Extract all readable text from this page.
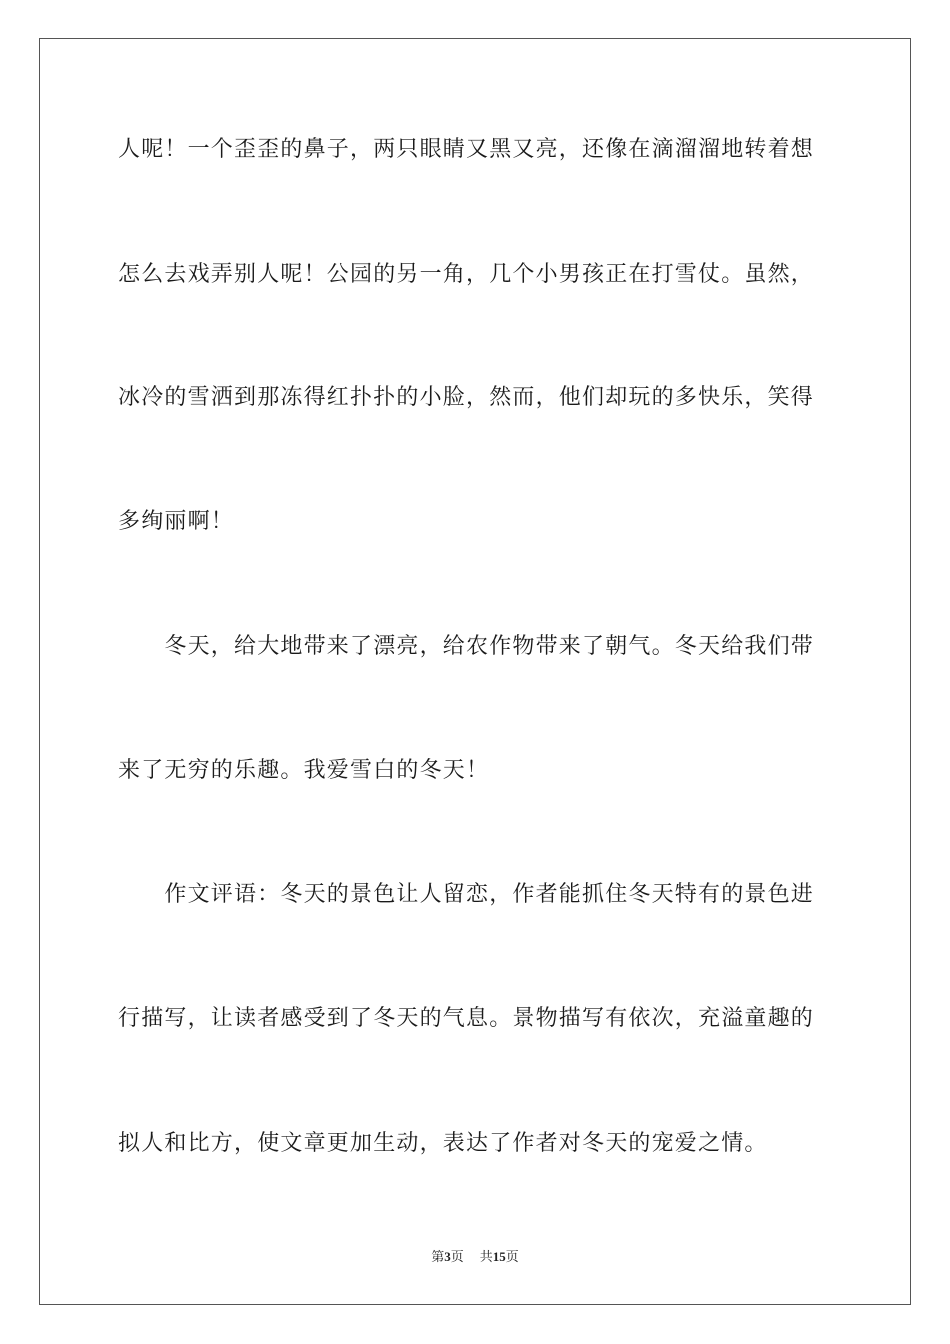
人呢！一个歪歪的鼻子，两只眼睛又黑又亮，还像在滴溜溜地转着想
怎么去戏弄别人呢！公园的另一角，几个小男孩正在打雪仗。虽然，
冰冷的雪洒到那冻得红扑扑的小脸，然而，他们却玩的多快乐，笑得
多绚丽啊！
　　冬天，给大地带来了漂亮，给农作物带来了朝气。冬天给我们带
来了无穷的乐趣。我爱雪白的冬天！
　　作文评语：冬天的景色让人留恋，作者能抓住冬天特有的景色进
行描写，让读者感受到了冬天的气息。景物描写有依次，充溢童趣的
拟人和比方，使文章更加生动，表达了作者对冬天的宠爱之情。
第3页 共15页
